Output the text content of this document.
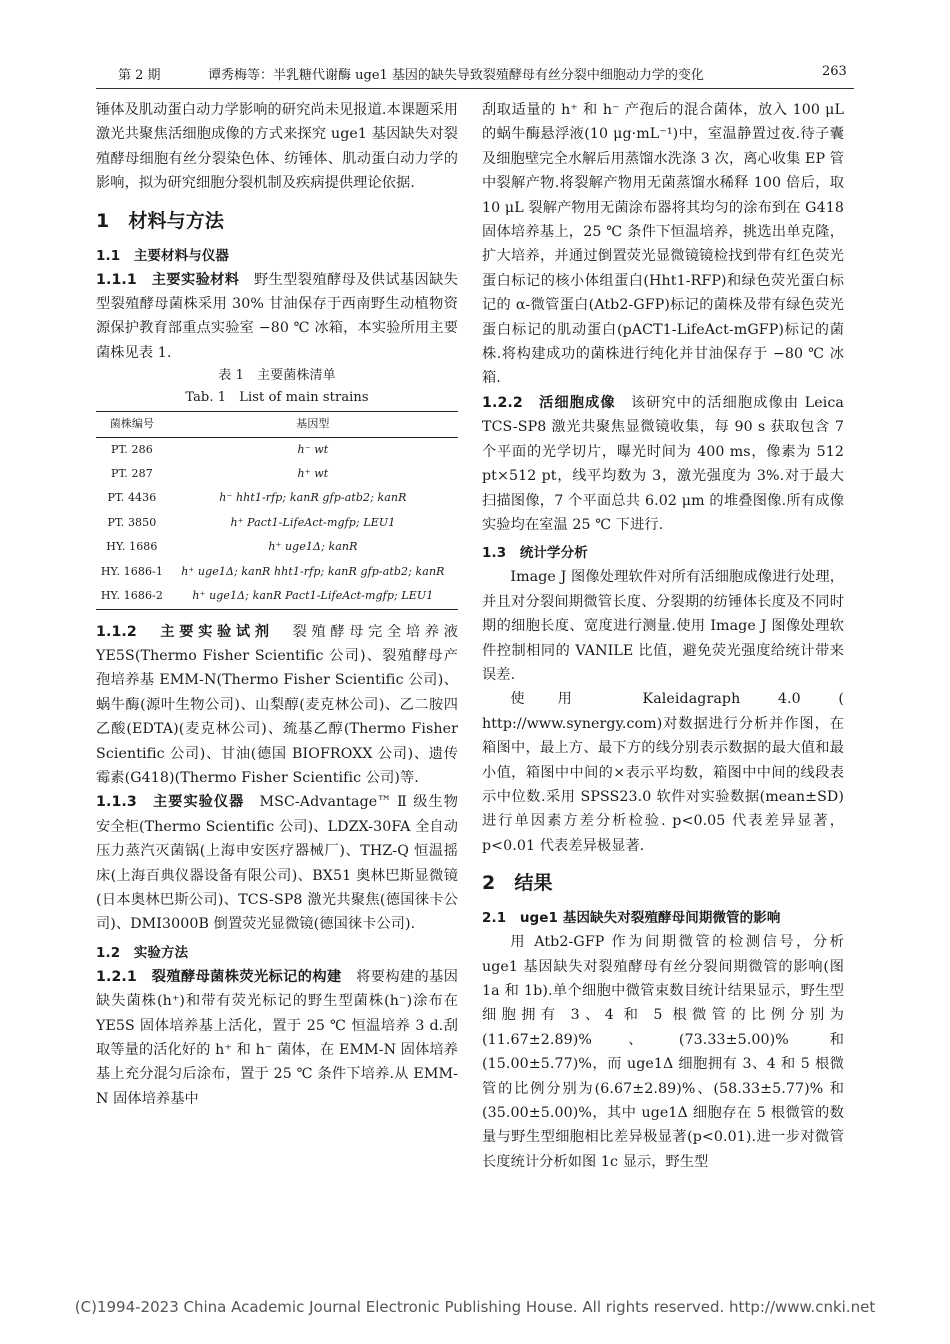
第 2 期	谭秀梅等：半乳糖代谢酶 uge1 基因的缺失导致裂殖酵母有丝分裂中细胞动力学的变化	263

锤体及肌动蛋白动力学影响的研究尚未见报道.本课题采用激光共聚焦活细胞成像的方式来探究 uge1 基因缺失对裂殖酵母细胞有丝分裂染色体、纺锤体、肌动蛋白动力学的影响，拟为研究细胞分裂机制及疾病提供理论依据.

1　材料与方法
1.1　主要材料与仪器

1.1.1　主要实验材料　 野生型裂殖酵母及供试基因缺失型裂殖酵母菌株采用 30% 甘油保存于西南野生动植物资源保护教育部重点实验室 −80 ℃ 冰箱，本实验所用主要菌株见表 1.

表 1　主要菌株清单
Tab. 1　List of main strains
菌株编号	基因型
PT. 286	h⁻ wt
PT. 287	h⁺ wt
PT. 4436	h⁻ hht1-rfp; kanR gfp-atb2; kanR
PT. 3850	h⁺ Pact1-LifeAct-mgfp; LEU1
HY. 1686	h⁺ uge1Δ; kanR
HY. 1686-1	h⁺ uge1Δ; kanR hht1-rfp; kanR gfp-atb2; kanR
HY. 1686-2	h⁺ uge1Δ; kanR Pact1-LifeAct-mgfp; LEU1

1.1.2　主要实验试剂　 裂殖酵母完全培养液 YE5S(Thermo Fisher Scientific 公司)、裂殖酵母产孢培养基 EMM-N(Thermo Fisher Scientific 公司)、蜗牛酶(源叶生物公司)、山梨醇(麦克林公司)、乙二胺四乙酸(EDTA)(麦克林公司)、巯基乙醇(Thermo Fisher Scientific 公司)、甘油(德国 BIOFROXX 公司)、遗传霉素(G418)(Thermo Fisher Scientific 公司)等.

1.1.3　主要实验仪器　 MSC-Advantage™ Ⅱ 级生物安全柜(Thermo Scientific 公司)、LDZX-30FA 全自动压力蒸汽灭菌锅(上海申安医疗器械厂)、THZ-Q 恒温摇床(上海百典仪器设备有限公司)、BX51 奥林巴斯显微镜(日本奥林巴斯公司)、TCS-SP8 激光共聚焦(德国徕卡公司)、DMI3000B 倒置荧光显微镜(德国徕卡公司).

1.2　实验方法

1.2.1　裂殖酵母菌株荧光标记的构建　 将要构建的基因缺失菌株(h⁺)和带有荧光标记的野生型菌株(h⁻)涂布在 YE5S 固体培养基上活化，置于 25 ℃ 恒温培养 3 d.刮取等量的活化好的 h⁺ 和 h⁻ 菌体，在 EMM-N 固体培养基上充分混匀后涂布，置于 25 ℃ 条件下培养.从 EMM-N 固体培养基中

刮取适量的 h⁺ 和 h⁻ 产孢后的混合菌体，放入 100 μL 的蜗牛酶悬浮液(10 μg·mL⁻¹)中，室温静置过夜.待子囊及细胞壁完全水解后用蒸馏水洗涤 3 次，离心收集 EP 管中裂解产物.将裂解产物用无菌蒸馏水稀释 100 倍后，取 10 μL 裂解产物用无菌涂布器将其均匀的涂布到在 G418 固体培养基上，25 ℃ 条件下恒温培养，挑选出单克隆，扩大培养，并通过倒置荧光显微镜镜检找到带有红色荧光蛋白标记的核小体组蛋白(Hht1-RFP)和绿色荧光蛋白标记的 α-微管蛋白(Atb2-GFP)标记的菌株及带有绿色荧光蛋白标记的肌动蛋白(pACT1-LifeAct-mGFP)标记的菌株.将构建成功的菌株进行纯化并甘油保存于 −80 ℃ 冰箱.

1.2.2　活细胞成像　 该研究中的活细胞成像由 Leica TCS-SP8 激光共聚焦显微镜收集，每 90 s 获取包含 7 个平面的光学切片，曝光时间为 400 ms，像素为 512 pt×512 pt，线平均数为 3，激光强度为 3%.对于最大扫描图像，7 个平面总共 6.02 μm 的堆叠图像.所有成像实验均在室温 25 ℃ 下进行.

1.3　统计学分析

Image J 图像处理软件对所有活细胞成像进行处理，并且对分裂间期微管长度、分裂期的纺锤体长度及不同时期的细胞长度、宽度进行测量.使用 Image J 图像处理软件控制相同的 VANILE 比值，避免荧光强度给统计带来误差.

使用 Kaleidagraph 4.0 ( http://www.synergy.com)对数据进行分析并作图，在箱图中，最上方、最下方的线分别表示数据的最大值和最小值，箱图中中间的×表示平均数，箱图中中间的线段表示中位数.采用 SPSS23.0 软件对实验数据(mean±SD)进行单因素方差分析检验. p<0.05 代表差异显著，p<0.01 代表差异极显著.

2　结果
2.1　uge1 基因缺失对裂殖酵母间期微管的影响

用 Atb2-GFP 作为间期微管的检测信号，分析 uge1 基因缺失对裂殖酵母有丝分裂间期微管的影响(图 1a 和 1b).单个细胞中微管束数目统计结果显示，野生型细胞拥有 3、4 和 5 根微管的比例分别为(11.67±2.89)%、(73.33±5.00)% 和(15.00±5.77)%，而 uge1Δ 细胞拥有 3、4 和 5 根微管的比例分别为(6.67±2.89)%、(58.33±5.77)% 和(35.00±5.00)%，其中 uge1Δ 细胞存在 5 根微管的数量与野生型细胞相比差异极显著(p<0.01).进一步对微管长度统计分析如图 1c 显示，野生型

(C)1994-2023 China Academic Journal Electronic Publishing House. All rights reserved. http://www.cnki.net
